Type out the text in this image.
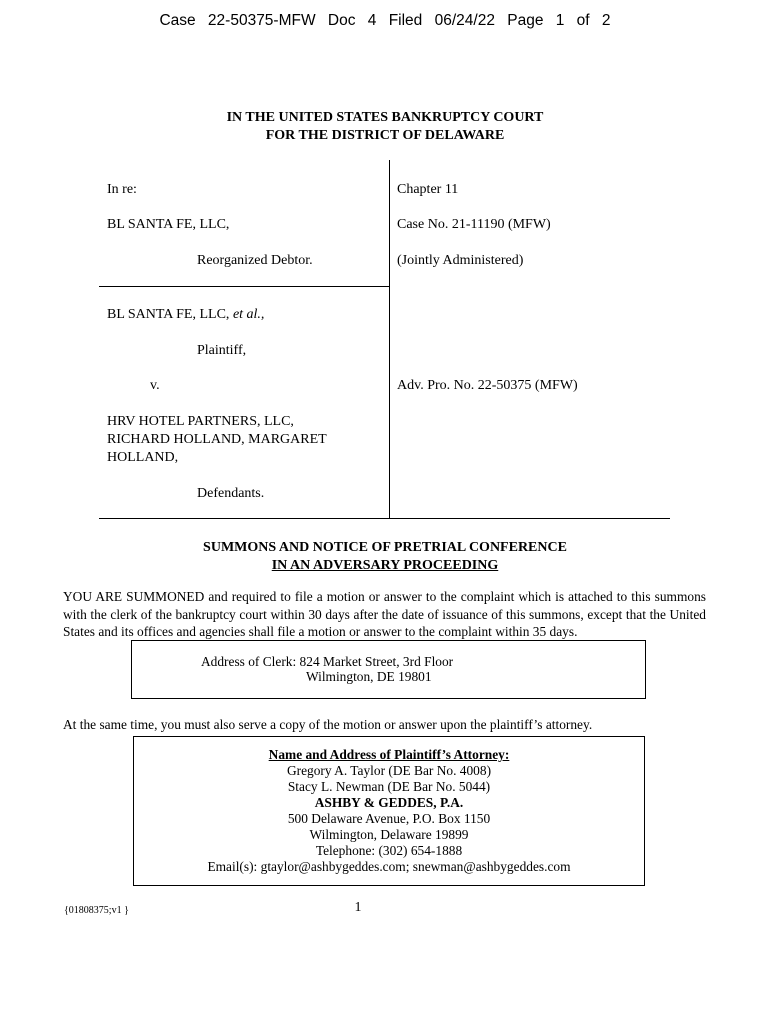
Case 22-50375-MFW Doc 4 Filed 06/24/22 Page 1 of 2
IN THE UNITED STATES BANKRUPTCY COURT
FOR THE DISTRICT OF DELAWARE
In re:
BL SANTA FE, LLC,
Reorganized Debtor.
BL SANTA FE, LLC, et al.,
Plaintiff,
v.
HRV HOTEL PARTNERS, LLC,
RICHARD HOLLAND, MARGARET
HOLLAND,
Defendants.
Chapter 11
Case No. 21-11190 (MFW)
(Jointly Administered)
Adv. Pro. No. 22-50375 (MFW)
SUMMONS AND NOTICE OF PRETRIAL CONFERENCE
IN AN ADVERSARY PROCEEDING
YOU ARE SUMMONED and required to file a motion or answer to the complaint which is attached to this summons with the clerk of the bankruptcy court within 30 days after the date of issuance of this summons, except that the United States and its offices and agencies shall file a motion or answer to the complaint within 35 days.
Address of Clerk: 824 Market Street, 3rd Floor
Wilmington, DE 19801
At the same time, you must also serve a copy of the motion or answer upon the plaintiff’s attorney.
Name and Address of Plaintiff’s Attorney:
Gregory A. Taylor (DE Bar No. 4008)
Stacy L. Newman (DE Bar No. 5044)
ASHBY & GEDDES, P.A.
500 Delaware Avenue, P.O. Box 1150
Wilmington, Delaware 19899
Telephone: (302) 654-1888
Email(s): gtaylor@ashbygeddes.com; snewman@ashbygeddes.com
{01808375;v1 }	1
